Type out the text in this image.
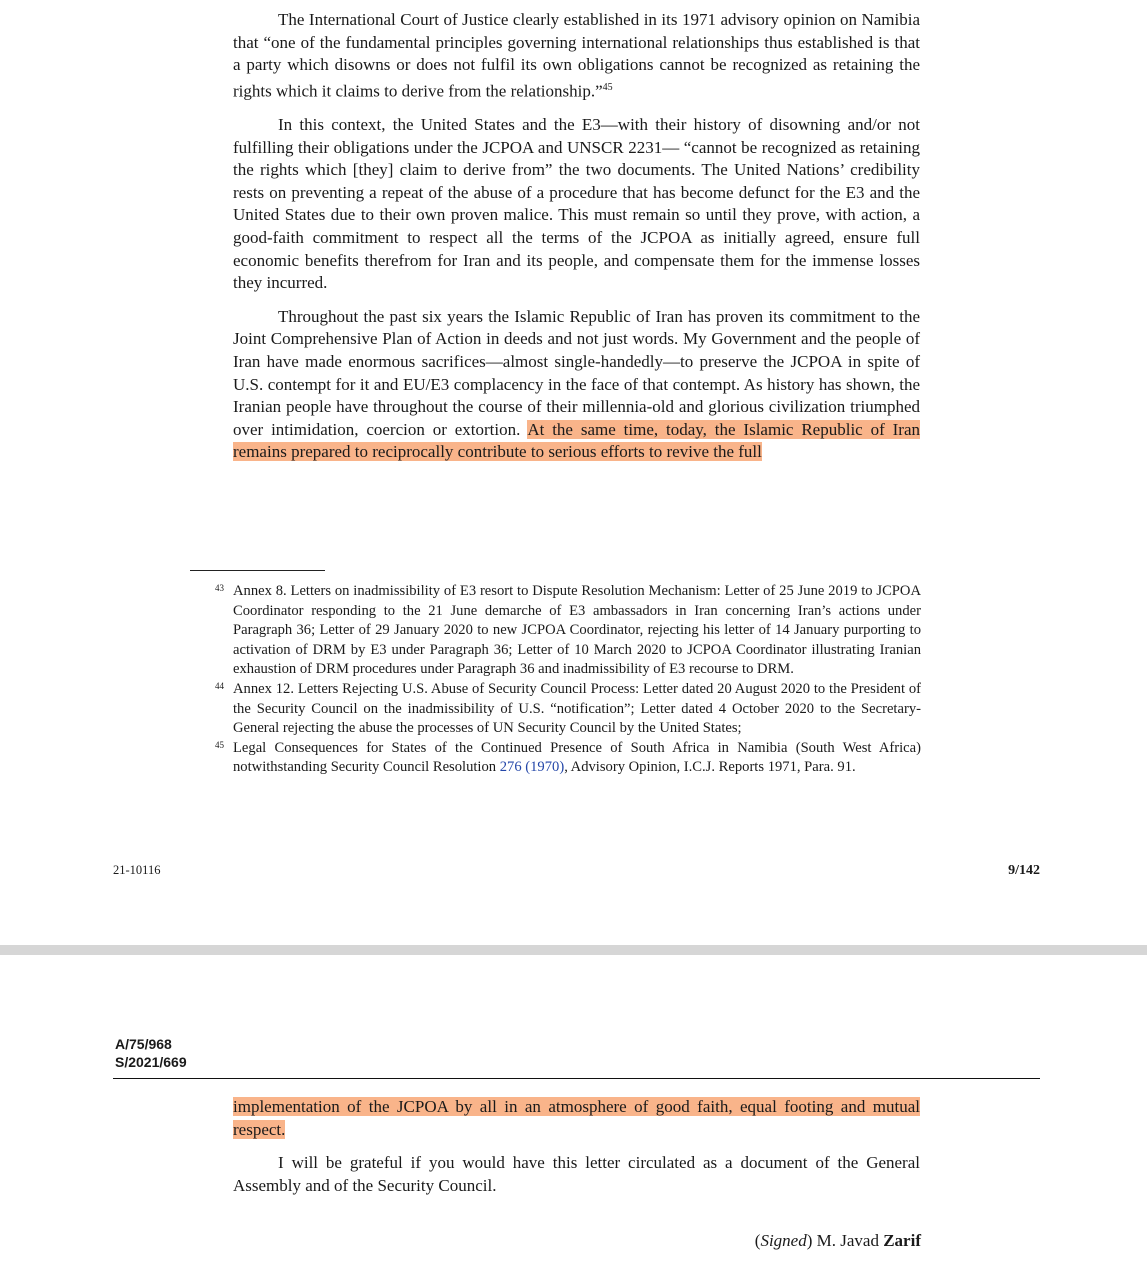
The International Court of Justice clearly established in its 1971 advisory opinion on Namibia that “one of the fundamental principles governing international relationships thus established is that a party which disowns or does not fulfil its own obligations cannot be recognized as retaining the rights which it claims to derive from the relationship.”$^{45}$

In this context, the United States and the E3—with their history of disowning and/or not fulfilling their obligations under the JCPOA and UNSCR 2231— “cannot be recognized as retaining the rights which [they] claim to derive from” the two documents. The United Nations’ credibility rests on preventing a repeat of the abuse of a procedure that has become defunct for the E3 and the United States due to their own proven malice. This must remain so until they prove, with action, a good-faith commitment to respect all the terms of the JCPOA as initially agreed, ensure full economic benefits therefrom for Iran and its people, and compensate them for the immense losses they incurred.

Throughout the past six years the Islamic Republic of Iran has proven its commitment to the Joint Comprehensive Plan of Action in deeds and not just words. My Government and the people of Iran have made enormous sacrifices—almost single-handedly—to preserve the JCPOA in spite of U.S. contempt for it and EU/E3 complacency in the face of that contempt. As history has shown, the Iranian people have throughout the course of their millennia-old and glorious civilization triumphed over intimidation, coercion or extortion. At the same time, today, the Islamic Republic of Iran remains prepared to reciprocally contribute to serious efforts to revive the full

43 Annex 8. Letters on inadmissibility of E3 resort to Dispute Resolution Mechanism: Letter of 25 June 2019 to JCPOA Coordinator responding to the 21 June demarche of E3 ambassadors in Iran concerning Iran’s actions under Paragraph 36; Letter of 29 January 2020 to new JCPOA Coordinator, rejecting his letter of 14 January purporting to activation of DRM by E3 under Paragraph 36; Letter of 10 March 2020 to JCPOA Coordinator illustrating Iranian exhaustion of DRM procedures under Paragraph 36 and inadmissibility of E3 recourse to DRM.

44 Annex 12. Letters Rejecting U.S. Abuse of Security Council Process: Letter dated 20 August 2020 to the President of the Security Council on the inadmissibility of U.S. “notification”; Letter dated 4 October 2020 to the Secretary-General rejecting the abuse the processes of UN Security Council by the United States;

45 Legal Consequences for States of the Continued Presence of South Africa in Namibia (South West Africa) notwithstanding Security Council Resolution 276 (1970), Advisory Opinion, I.C.J. Reports 1971, Para. 91.

21-10116	9/142
A/75/968
S/2021/669

implementation of the JCPOA by all in an atmosphere of good faith, equal footing and mutual respect.

I will be grateful if you would have this letter circulated as a document of the General Assembly and of the Security Council.

(Signed) M. Javad Zarif
